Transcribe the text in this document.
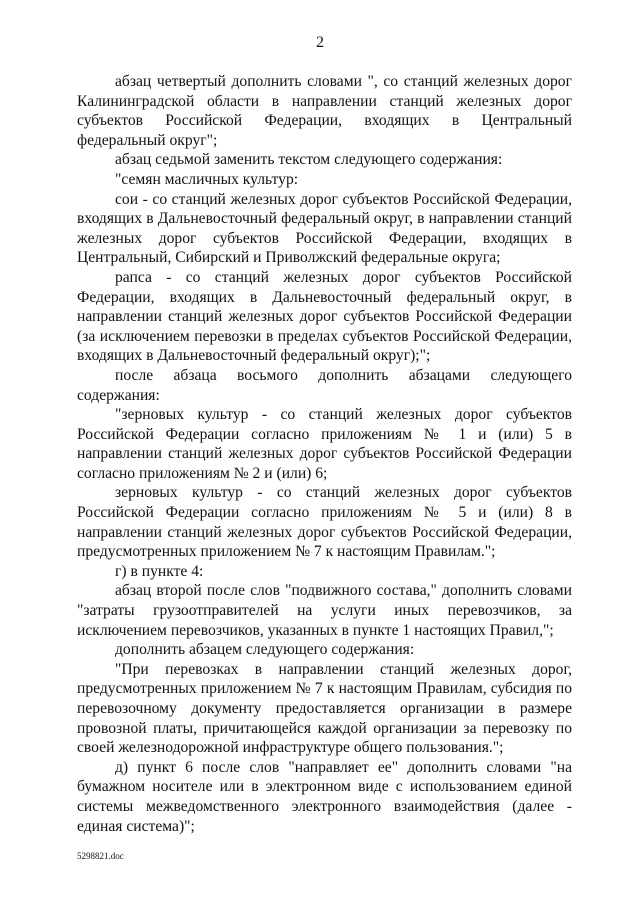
2

абзац четвертый дополнить словами ", со станций железных дорог Калининградской области в направлении станций железных дорог субъектов Российской Федерации, входящих в Центральный федеральный округ";

абзац седьмой заменить текстом следующего содержания:

"семян масличных культур:

сои - со станций железных дорог субъектов Российской Федерации, входящих в Дальневосточный федеральный округ, в направлении станций железных дорог субъектов Российской Федерации, входящих в Центральный, Сибирский и Приволжский федеральные округа;

рапса - со станций железных дорог субъектов Российской Федерации, входящих в Дальневосточный федеральный округ, в направлении станций железных дорог субъектов Российской Федерации (за исключением перевозки в пределах субъектов Российской Федерации, входящих в Дальневосточный федеральный округ);";

после абзаца восьмого дополнить абзацами следующего содержания:

"зерновых культур - со станций железных дорог субъектов Российской Федерации согласно приложениям № 1 и (или) 5 в направлении станций железных дорог субъектов Российской Федерации согласно приложениям № 2 и (или) 6;

зерновых культур - со станций железных дорог субъектов Российской Федерации согласно приложениям № 5 и (или) 8 в направлении станций железных дорог субъектов Российской Федерации, предусмотренных приложением № 7 к настоящим Правилам.";

г) в пункте 4:

абзац второй после слов "подвижного состава," дополнить словами "затраты грузоотправителей на услуги иных перевозчиков, за исключением перевозчиков, указанных в пункте 1 настоящих Правил,";

дополнить абзацем следующего содержания:

"При перевозках в направлении станций железных дорог, предусмотренных приложением № 7 к настоящим Правилам, субсидия по перевозочному документу предоставляется организации в размере провозной платы, причитающейся каждой организации за перевозку по своей железнодорожной инфраструктуре общего пользования.";

д) пункт 6 после слов "направляет ее" дополнить словами "на бумажном носителе или в электронном виде с использованием единой системы межведомственного электронного взаимодействия (далее - единая система)";

5298821.doc
